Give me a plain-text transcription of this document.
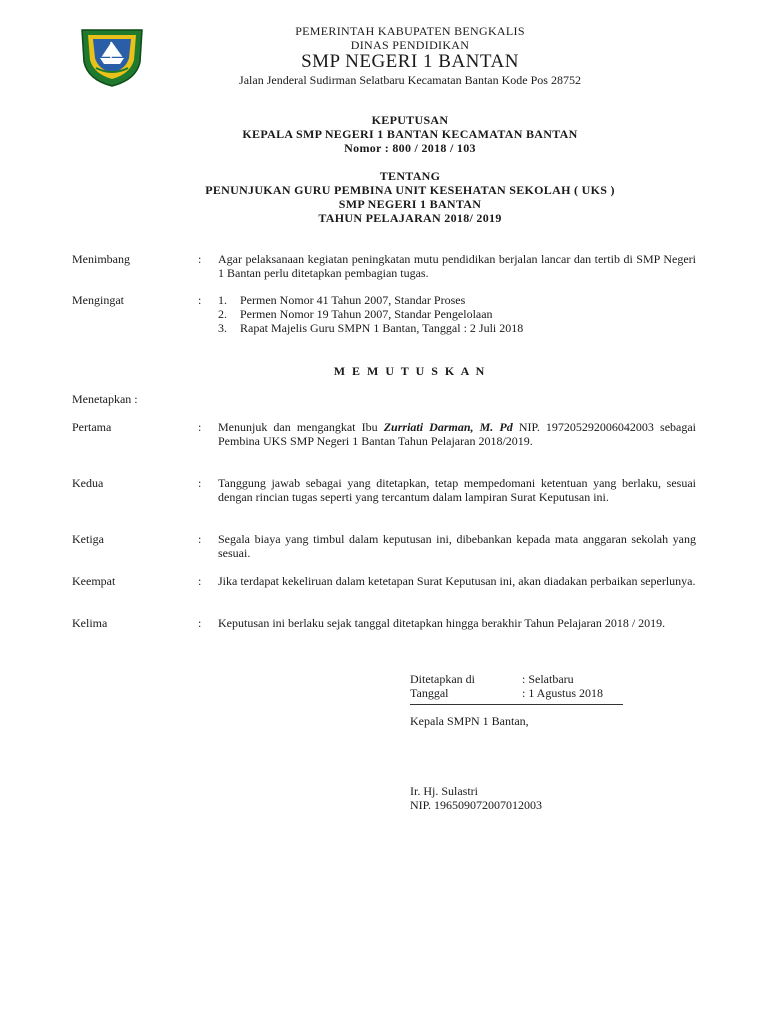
PEMERINTAH KABUPATEN BENGKALIS
DINAS PENDIDIKAN
SMP NEGERI 1 BANTAN
Jalan Jenderal Sudirman Selatbaru Kecamatan Bantan Kode Pos 28752
KEPUTUSAN
KEPALA SMP NEGERI 1 BANTAN KECAMATAN BANTAN
Nomor : 800 / 2018 / 103
TENTANG
PENUNJUKAN GURU PEMBINA UNIT KESEHATAN SEKOLAH ( UKS )
SMP NEGERI 1 BANTAN
TAHUN PELAJARAN 2018/ 2019
Menimbang	: Agar pelaksanaan kegiatan peningkatan mutu pendidikan berjalan lancar dan tertib di SMP Negeri 1 Bantan perlu ditetapkan pembagian tugas.
Mengingat	: 1. Permen Nomor 41 Tahun 2007, Standar Proses
2. Permen Nomor 19 Tahun 2007, Standar Pengelolaan
3. Rapat Majelis Guru SMPN 1 Bantan, Tanggal : 2 Juli 2018
M E M U T U S K A N
Menetapkan :
Pertama	: Menunjuk dan mengangkat Ibu Zurriati Darman, M. Pd NIP. 197205292006042003 sebagai Pembina UKS SMP Negeri 1 Bantan Tahun Pelajaran 2018/2019.
Kedua	: Tanggung jawab sebagai yang ditetapkan, tetap mempedomani ketentuan yang berlaku, sesuai dengan rincian tugas seperti yang tercantum dalam lampiran Surat Keputusan ini.
Ketiga	: Segala biaya yang timbul dalam keputusan ini, dibebankan kepada mata anggaran sekolah yang sesuai.
Keempat	: Jika terdapat kekeliruan dalam ketetapan Surat Keputusan ini, akan diadakan perbaikan seperlunya.
Kelima	: Keputusan ini berlaku sejak tanggal ditetapkan hingga berakhir Tahun Pelajaran 2018 / 2019.
Ditetapkan di	: Selatbaru
Tanggal	: 1 Agustus 2018
Kepala SMPN 1 Bantan,
Ir. Hj. Sulastri
NIP. 196509072007012003
